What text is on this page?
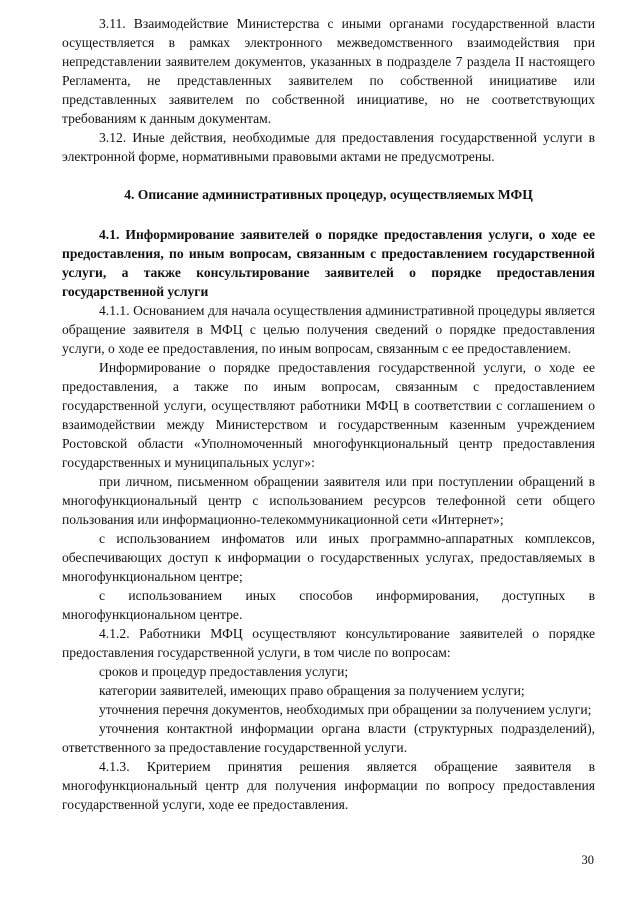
3.11. Взаимодействие Министерства с иными органами государственной власти осуществляется в рамках электронного межведомственного взаимодействия при непредставлении заявителем документов, указанных в подразделе 7 раздела II настоящего Регламента, не представленных заявителем по собственной инициативе или представленных заявителем по собственной инициативе, но не соответствующих требованиям к данным документам.

3.12. Иные действия, необходимые для предоставления государственной услуги в электронной форме, нормативными правовыми актами не предусмотрены.

4. Описание административных процедур, осуществляемых МФЦ

4.1. Информирование заявителей о порядке предоставления услуги, о ходе ее предоставления, по иным вопросам, связанным с предоставлением государственной услуги, а также консультирование заявителей о порядке предоставления государственной услуги

4.1.1. Основанием для начала осуществления административной процедуры является обращение заявителя в МФЦ с целью получения сведений о порядке предоставления услуги, о ходе ее предоставления, по иным вопросам, связанным с ее предоставлением.

Информирование о порядке предоставления государственной услуги, о ходе ее предоставления, а также по иным вопросам, связанным с предоставлением государственной услуги, осуществляют работники МФЦ в соответствии с соглашением о взаимодействии между Министерством и государственным казенным учреждением Ростовской области «Уполномоченный многофункциональный центр предоставления государственных и муниципальных услуг»:

при личном, письменном обращении заявителя или при поступлении обращений в многофункциональный центр с использованием ресурсов телефонной сети общего пользования или информационно-телекоммуникационной сети «Интернет»;

с использованием инфоматов или иных программно-аппаратных комплексов, обеспечивающих доступ к информации о государственных услугах, предоставляемых в многофункциональном центре;

с использованием иных способов информирования, доступных в многофункциональном центре.

4.1.2. Работники МФЦ осуществляют консультирование заявителей о порядке предоставления государственной услуги, в том числе по вопросам:

сроков и процедур предоставления услуги;

категории заявителей, имеющих право обращения за получением услуги;

уточнения перечня документов, необходимых при обращении за получением услуги;

уточнения контактной информации органа власти (структурных подразделений), ответственного за предоставление государственной услуги.

4.1.3. Критерием принятия решения является обращение заявителя в многофункциональный центр для получения информации по вопросу предоставления государственной услуги, ходе ее предоставления.

30
